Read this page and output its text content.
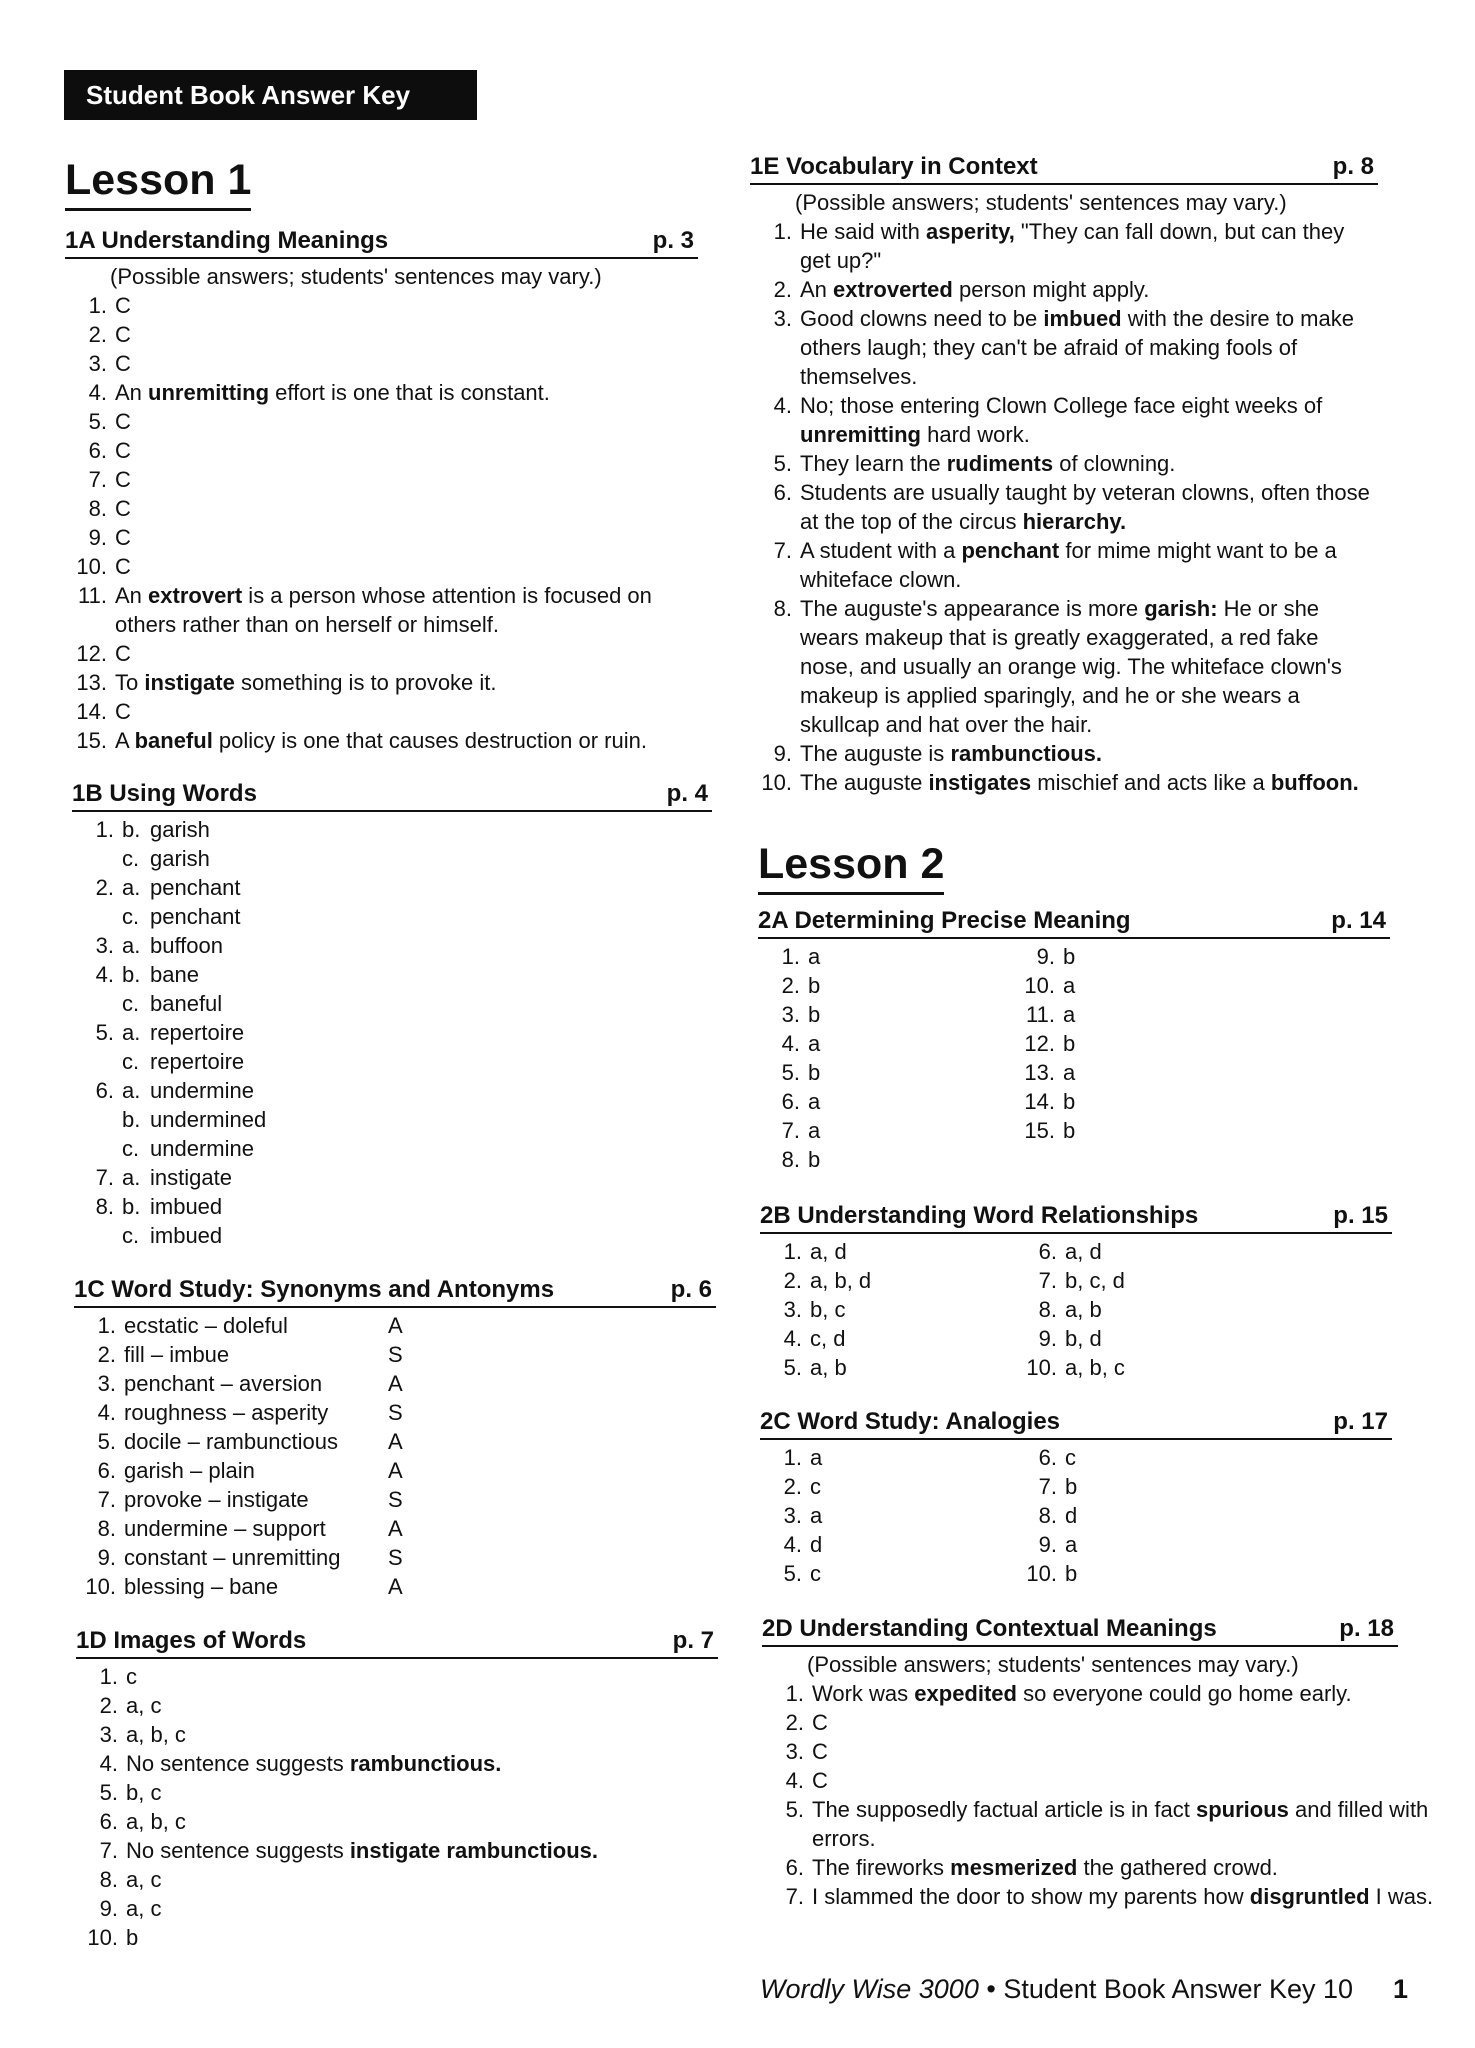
Student Book Answer Key
Lesson 1
1A Understanding Meanings	p. 3
(Possible answers; students' sentences may vary.)
1. C
2. C
3. C
4. An unremitting effort is one that is constant.
5. C
6. C
7. C
8. C
9. C
10. C
11. An extrovert is a person whose attention is focused on others rather than on herself or himself.
12. C
13. To instigate something is to provoke it.
14. C
15. A baneful policy is one that causes destruction or ruin.
1B Using Words	p. 4
1. b. garish
c. garish
2. a. penchant
c. penchant
3. a. buffoon
4. b. bane
c. baneful
5. a. repertoire
c. repertoire
6. a. undermine
b. undermined
c. undermine
7. a. instigate
8. b. imbued
c. imbued
1C Word Study: Synonyms and Antonyms	p. 6
1. ecstatic – doleful	A
2. fill – imbue	S
3. penchant – aversion	A
4. roughness – asperity	S
5. docile – rambunctious	A
6. garish – plain	A
7. provoke – instigate	S
8. undermine – support	A
9. constant – unremitting	S
10. blessing – bane	A
1D Images of Words	p. 7
1. c
2. a, c
3. a, b, c
4. No sentence suggests rambunctious.
5. b, c
6. a, b, c
7. No sentence suggests instigate rambunctious.
8. a, c
9. a, c
10. b
1E Vocabulary in Context	p. 8
(Possible answers; students' sentences may vary.)
1. He said with asperity, "They can fall down, but can they get up?"
2. An extroverted person might apply.
3. Good clowns need to be imbued with the desire to make others laugh; they can't be afraid of making fools of themselves.
4. No; those entering Clown College face eight weeks of unremitting hard work.
5. They learn the rudiments of clowning.
6. Students are usually taught by veteran clowns, often those at the top of the circus hierarchy.
7. A student with a penchant for mime might want to be a whiteface clown.
8. The auguste's appearance is more garish: He or she wears makeup that is greatly exaggerated, a red fake nose, and usually an orange wig. The whiteface clown's makeup is applied sparingly, and he or she wears a skullcap and hat over the hair.
9. The auguste is rambunctious.
10. The auguste instigates mischief and acts like a buffoon.
Lesson 2
2A Determining Precise Meaning	p. 14
1. a
2. b
3. b
4. a
5. b
6. a
7. a
8. b
9. b
10. a
11. a
12. b
13. a
14. b
15. b
2B Understanding Word Relationships	p. 15
1. a, d
2. a, b, d
3. b, c
4. c, d
5. a, b
6. a, d
7. b, c, d
8. a, b
9. b, d
10. a, b, c
2C Word Study: Analogies	p. 17
1. a
2. c
3. a
4. d
5. c
6. c
7. b
8. d
9. a
10. b
2D Understanding Contextual Meanings	p. 18
(Possible answers; students' sentences may vary.)
1. Work was expedited so everyone could go home early.
2. C
3. C
4. C
5. The supposedly factual article is in fact spurious and filled with errors.
6. The fireworks mesmerized the gathered crowd.
7. I slammed the door to show my parents how disgruntled I was.
Wordly Wise 3000 • Student Book Answer Key 10 1
